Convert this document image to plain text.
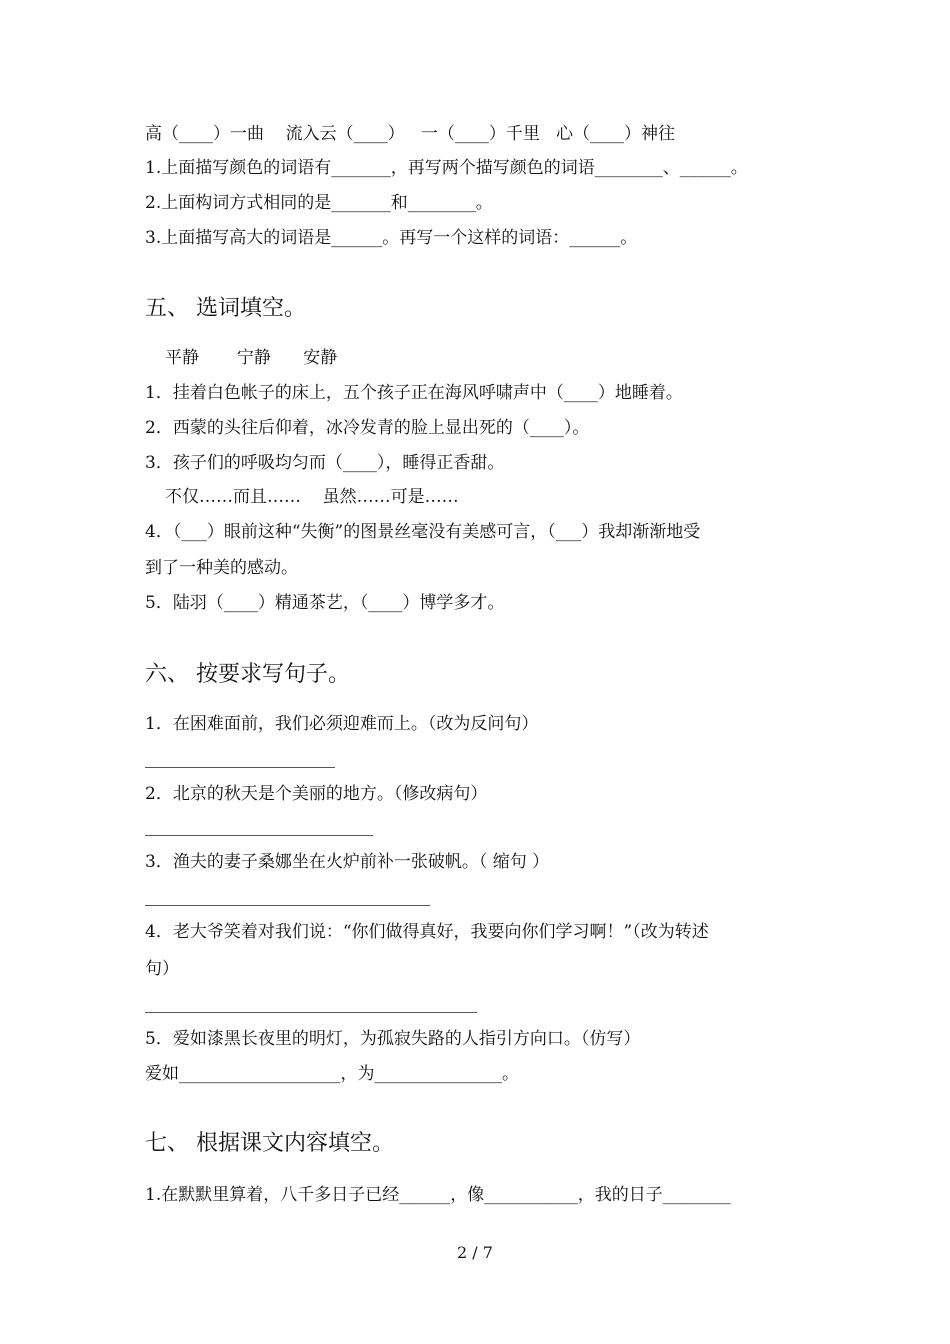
高（____）一曲    流入云（____）   一（____）千里   心（____）神往
1.上面描写颜色的词语有_______，再写两个描写颜色的词语________、______。
2.上面构词方式相同的是_______和________。
3.上面描写高大的词语是______。再写一个这样的词语：______。
五、 选词填空。
平静       宁静      安静
1．挂着白色帐子的床上，五个孩子正在海风呼啸声中（____）地睡着。
2．西蒙的头往后仰着，冰冷发青的脸上显出死的（____）。
3．孩子们的呼吸均匀而（____），睡得正香甜。
不仅……而且……    虽然……可是……
4．（___）眼前这种“失衡”的图景丝毫没有美感可言，（___）我却渐渐地受
到了一种美的感动。
5．陆羽（____）精通茶艺，（____）博学多才。
六、 按要求写句子。
1．在困难面前，我们必须迎难而上。（改为反问句）
2．北京的秋天是个美丽的地方。（修改病句）
3．渔夫的妻子桑娜坐在火炉前补一张破帆。（ 缩句 ）
4．老大爷笑着对我们说：“你们做得真好，我要向你们学习啊！”（改为转述
句）
5．爱如漆黑长夜里的明灯，为孤寂失路的人指引方向口。（仿写）
爱如___________________，为_______________。
七、 根据课文内容填空。
1.在默默里算着，八千多日子已经______，像___________，我的日子________
2 / 7
